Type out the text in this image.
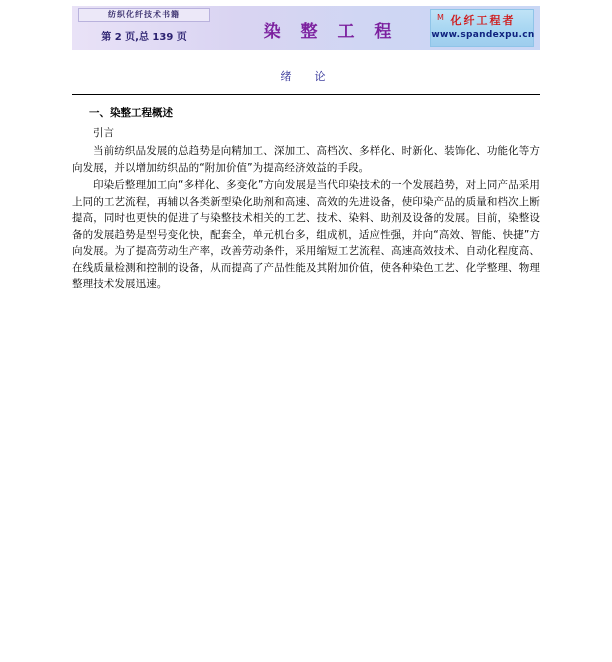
纺织化纤技术书籍
第 2 页,总 139 页	染 整 工 程
M 化纤工程者
www.spandexpu.cn
绪　论
一、染整工程概述
引言

当前纺织品发展的总趋势是向精加工、深加工、高档次、多样化、时新化、装饰化、功能化等方向发展，并以增加纺织品的“附加价值”为提高经济效益的手段。

印染后整理加工向“多样化、多变化”方向发展是当代印染技术的一个发展趋势，对上同产品采用上同的工艺流程，再辅以各类新型染化助剂和高速、高效的先进设备，使印染产品的质量和档次上断提高，同时也更快的促进了与染整技术相关的工艺、技术、染料、助剂及设备的发展。目前，染整设备的发展趋势是型号变化快，配套全，单元机台多，组成机，适应性强，并向“高效、智能、快捷”方向发展。为了提高劳动生产率，改善劳动条件，采用缩短工艺流程、高速高效技术、自动化程度高、在线质量检测和控制的设备，从而提高了产品性能及其附加价值，使各种染色工艺、化学整理、物理整理技术发展迅速。
